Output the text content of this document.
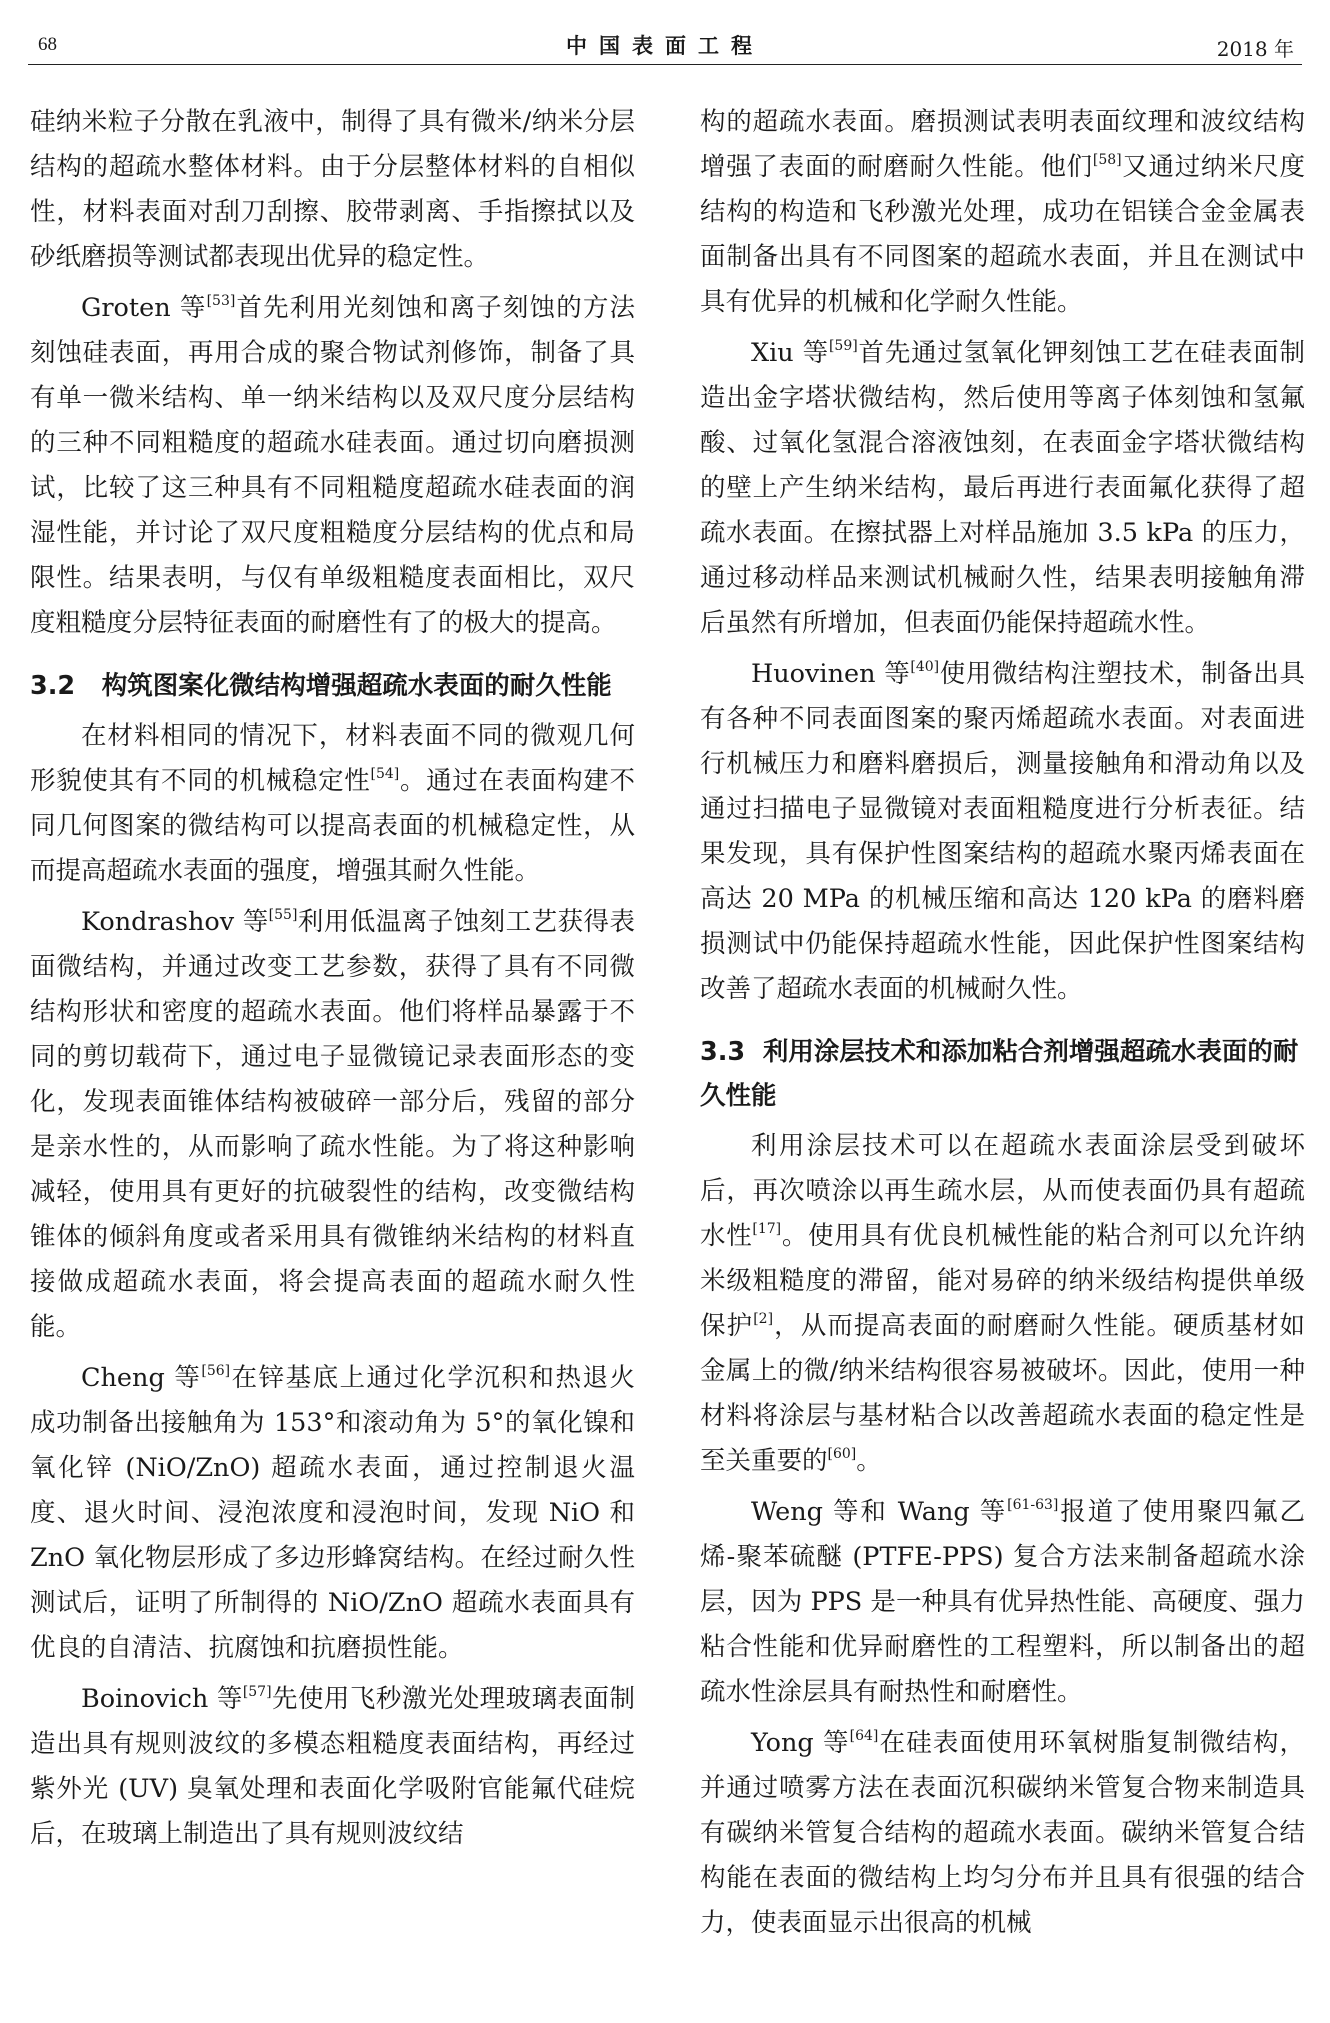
68	中国表面工程	2018 年

硅纳米粒子分散在乳液中，制得了具有微米/纳米分层结构的超疏水整体材料。由于分层整体材料的自相似性，材料表面对刮刀刮擦、胶带剥离、手指擦拭以及砂纸磨损等测试都表现出优异的稳定性。

Groten 等[53]首先利用光刻蚀和离子刻蚀的方法刻蚀硅表面，再用合成的聚合物试剂修饰，制备了具有单一微米结构、单一纳米结构以及双尺度分层结构的三种不同粗糙度的超疏水硅表面。通过切向磨损测试，比较了这三种具有不同粗糙度超疏水硅表面的润湿性能，并讨论了双尺度粗糙度分层结构的优点和局限性。结果表明，与仅有单级粗糙度表面相比，双尺度粗糙度分层特征表面的耐磨性有了的极大的提高。

3.2   构筑图案化微结构增强超疏水表面的耐久性能

在材料相同的情况下，材料表面不同的微观几何形貌使其有不同的机械稳定性[54]。通过在表面构建不同几何图案的微结构可以提高表面的机械稳定性，从而提高超疏水表面的强度，增强其耐久性能。

Kondrashov 等[55]利用低温离子蚀刻工艺获得表面微结构，并通过改变工艺参数，获得了具有不同微结构形状和密度的超疏水表面。他们将样品暴露于不同的剪切载荷下，通过电子显微镜记录表面形态的变化，发现表面锥体结构被破碎一部分后，残留的部分是亲水性的，从而影响了疏水性能。为了将这种影响减轻，使用具有更好的抗破裂性的结构，改变微结构锥体的倾斜角度或者采用具有微锥纳米结构的材料直接做成超疏水表面，将会提高表面的超疏水耐久性能。

Cheng 等[56]在锌基底上通过化学沉积和热退火成功制备出接触角为 153°和滚动角为 5°的氧化镍和氧化锌 (NiO/ZnO) 超疏水表面，通过控制退火温度、退火时间、浸泡浓度和浸泡时间，发现 NiO 和 ZnO 氧化物层形成了多边形蜂窝结构。在经过耐久性测试后，证明了所制得的 NiO/ZnO 超疏水表面具有优良的自清洁、抗腐蚀和抗磨损性能。

Boinovich 等[57]先使用飞秒激光处理玻璃表面制造出具有规则波纹的多模态粗糙度表面结构，再经过紫外光 (UV) 臭氧处理和表面化学吸附官能氟代硅烷后，在玻璃上制造出了具有规则波纹结

构的超疏水表面。磨损测试表明表面纹理和波纹结构增强了表面的耐磨耐久性能。他们[58]又通过纳米尺度结构的构造和飞秒激光处理，成功在铝镁合金金属表面制备出具有不同图案的超疏水表面，并且在测试中具有优异的机械和化学耐久性能。

Xiu 等[59]首先通过氢氧化钾刻蚀工艺在硅表面制造出金字塔状微结构，然后使用等离子体刻蚀和氢氟酸、过氧化氢混合溶液蚀刻，在表面金字塔状微结构的壁上产生纳米结构，最后再进行表面氟化获得了超疏水表面。在擦拭器上对样品施加 3.5 kPa 的压力，通过移动样品来测试机械耐久性，结果表明接触角滞后虽然有所增加，但表面仍能保持超疏水性。

Huovinen 等[40]使用微结构注塑技术，制备出具有各种不同表面图案的聚丙烯超疏水表面。对表面进行机械压力和磨料磨损后，测量接触角和滑动角以及通过扫描电子显微镜对表面粗糙度进行分析表征。结果发现，具有保护性图案结构的超疏水聚丙烯表面在高达 20 MPa 的机械压缩和高达 120 kPa 的磨料磨损测试中仍能保持超疏水性能，因此保护性图案结构改善了超疏水表面的机械耐久性。

3.3  利用涂层技术和添加粘合剂增强超疏水表面的耐久性能

利用涂层技术可以在超疏水表面涂层受到破坏后，再次喷涂以再生疏水层，从而使表面仍具有超疏水性[17]。使用具有优良机械性能的粘合剂可以允许纳米级粗糙度的滞留，能对易碎的纳米级结构提供单级保护[2]，从而提高表面的耐磨耐久性能。硬质基材如金属上的微/纳米结构很容易被破坏。因此，使用一种材料将涂层与基材粘合以改善超疏水表面的稳定性是至关重要的[60]。

Weng 等和 Wang 等[61-63]报道了使用聚四氟乙烯-聚苯硫醚 (PTFE-PPS) 复合方法来制备超疏水涂层，因为 PPS 是一种具有优异热性能、高硬度、强力粘合性能和优异耐磨性的工程塑料，所以制备出的超疏水性涂层具有耐热性和耐磨性。

Yong 等[64]在硅表面使用环氧树脂复制微结构，并通过喷雾方法在表面沉积碳纳米管复合物来制造具有碳纳米管复合结构的超疏水表面。碳纳米管复合结构能在表面的微结构上均匀分布并且具有很强的结合力，使表面显示出很高的机械
